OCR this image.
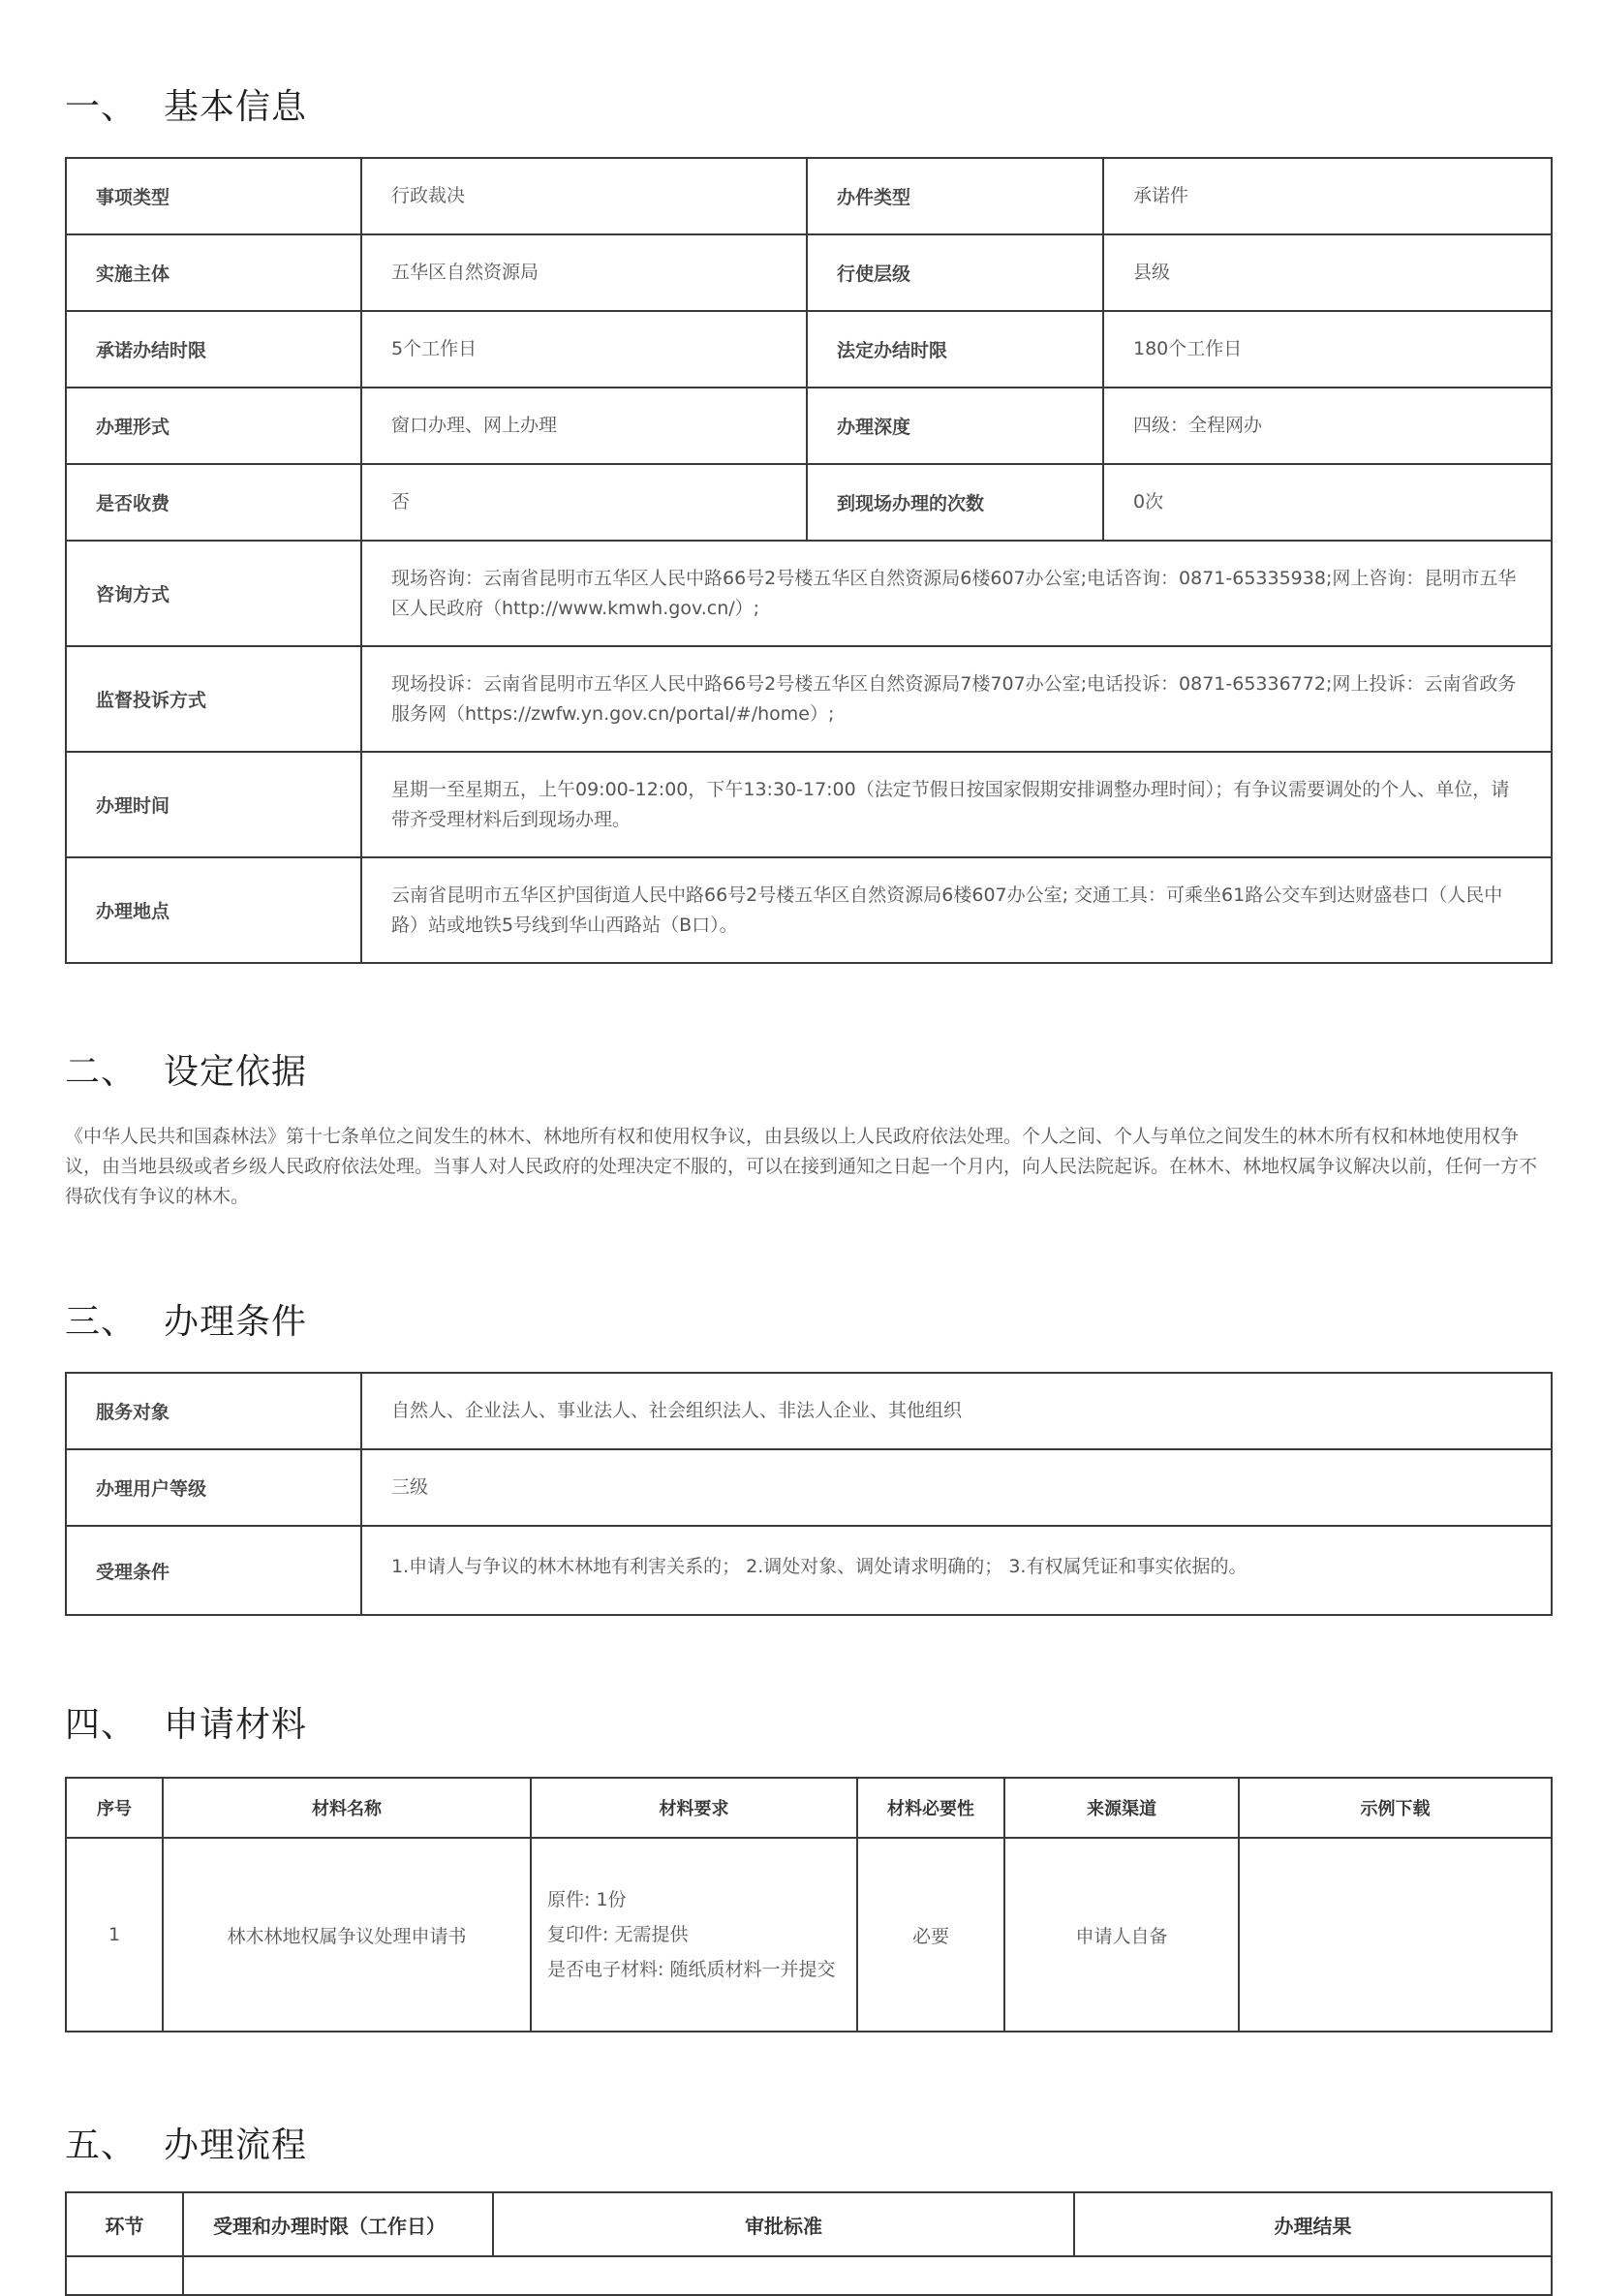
一、 基本信息
事项类型	行政裁决	办件类型	承诺件
实施主体	五华区自然资源局	行使层级	县级
承诺办结时限	5个工作日	法定办结时限	180个工作日
办理形式	窗口办理、网上办理	办理深度	四级：全程网办
是否收费	否	到现场办理的次数	0次
咨询方式	现场咨询：云南省昆明市五华区人民中路66号2号楼五华区自然资源局6楼607办公室;电话咨询：0871-65335938;网上咨询：昆明市五华区人民政府（http://www.kmwh.gov.cn/）;		
监督投诉方式	现场投诉：云南省昆明市五华区人民中路66号2号楼五华区自然资源局7楼707办公室;电话投诉：0871-65336772;网上投诉：云南省政务服务网（https://zwfw.yn.gov.cn/portal/#/home）;		
办理时间	星期一至星期五，上午09:00-12:00，下午13:30-17:00（法定节假日按国家假期安排调整办理时间）；有争议需要调处的个人、单位，请带齐受理材料后到现场办理。		
办理地点	云南省昆明市五华区护国街道人民中路66号2号楼五华区自然资源局6楼607办公室; 交通工具：可乘坐61路公交车到达财盛巷口（人民中路）站或地铁5号线到华山西路站（B口）。		
二、 设定依据
《中华人民共和国森林法》第十七条单位之间发生的林木、林地所有权和使用权争议，由县级以上人民政府依法处理。个人之间、个人与单位之间发生的林木所有权和林地使用权争议，由当地县级或者乡级人民政府依法处理。当事人对人民政府的处理决定不服的，可以在接到通知之日起一个月内，向人民法院起诉。在林木、林地权属争议解决以前，任何一方不得砍伐有争议的林木。
三、 办理条件
服务对象	自然人、企业法人、事业法人、社会组织法人、非法人企业、其他组织
办理用户等级	三级
受理条件	1.申请人与争议的林木林地有利害关系的； 2.调处对象、调处请求明确的； 3.有权属凭证和事实依据的。
四、 申请材料
序号	材料名称	材料要求	材料必要性	来源渠道	示例下载
1	林木林地权属争议处理申请书	原件: 1份
复印件: 无需提供
是否电子材料: 随纸质材料一并提交	必要	申请人自备	
五、 办理流程
环节	受理和办理时限（工作日）	审批标准	办理结果
